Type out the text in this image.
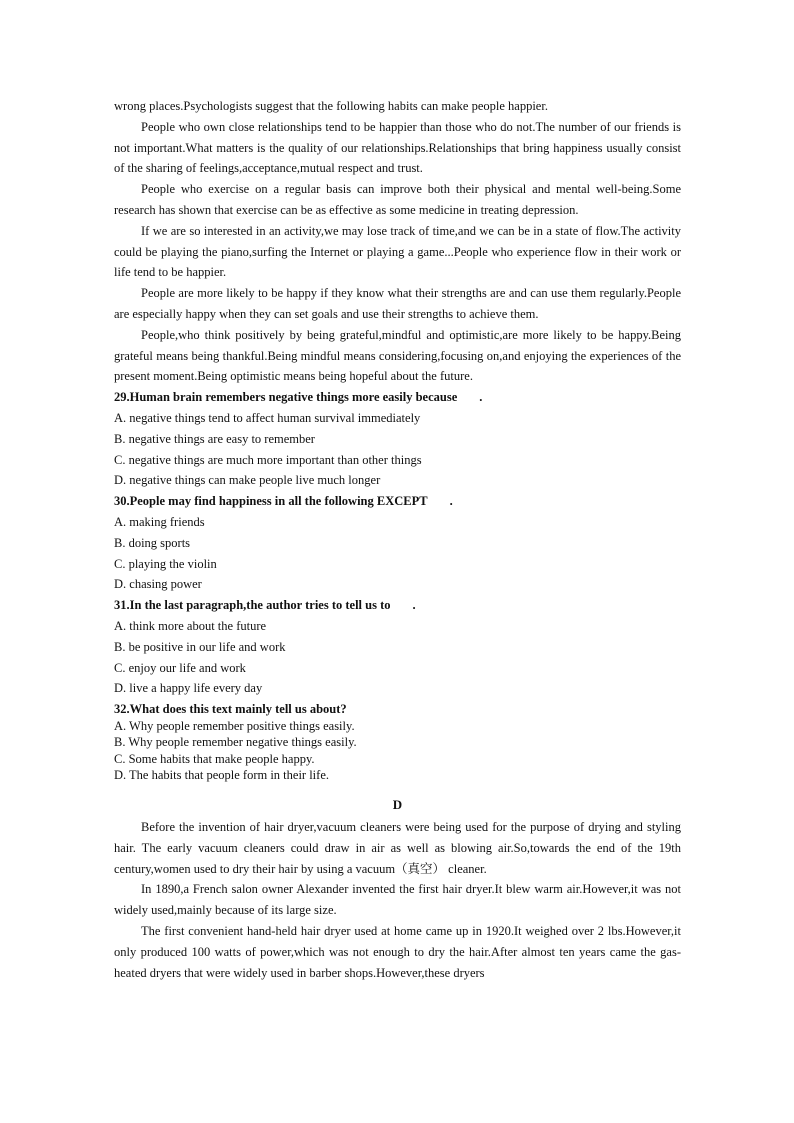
wrong places.Psychologists suggest that the following habits can make people happier.

People who own close relationships tend to be happier than those who do not.The number of our friends is not important.What matters is the quality of our relationships.Relationships that bring happiness usually consist of the sharing of feelings,acceptance,mutual respect and trust.

People who exercise on a regular basis can improve both their physical and mental well-being.Some research has shown that exercise can be as effective as some medicine in treating depression.

If we are so interested in an activity,we may lose track of time,and we can be in a state of flow.The activity could be playing the piano,surfing the Internet or playing a game...People who experience flow in their work or life tend to be happier.

People are more likely to be happy if they know what their strengths are and can use them regularly.People are especially happy when they can set goals and use their strengths to achieve them.

People,who think positively by being grateful,mindful and optimistic,are more likely to be happy.Being grateful means being thankful.Being mindful means considering,focusing on,and enjoying the experiences of the present moment.Being optimistic means being hopeful about the future.

29.Human brain remembers negative things more easily because .

A. negative things tend to affect human survival immediately

B. negative things are easy to remember

C. negative things are much more important than other things

D. negative things can make people live much longer

30.People may find happiness in all the following EXCEPT .

A. making friends

B. doing sports

C. playing the violin

D. chasing power

31.In the last paragraph,the author tries to tell us to .

A. think more about the future

B. be positive in our life and work

C. enjoy our life and work

D. live a happy life every day

32.What does this text mainly tell us about?

A. Why people remember positive things easily.

B. Why people remember negative things easily.

C. Some habits that make people happy.

D. The habits that people form in their life.

D

Before the invention of hair dryer,vacuum cleaners were being used for the purpose of drying and styling hair. The early vacuum cleaners could draw in air as well as blowing air.So,towards the end of the 19th century,women used to dry their hair by using a vacuum（真空） cleaner.

In 1890,a French salon owner Alexander invented the first hair dryer.It blew warm air.However,it was not widely used,mainly because of its large size.

The first convenient hand-held hair dryer used at home came up in 1920.It weighed over 2 lbs.However,it only produced 100 watts of power,which was not enough to dry the hair.After almost ten years came the gas-heated dryers that were widely used in barber shops.However,these dryers
